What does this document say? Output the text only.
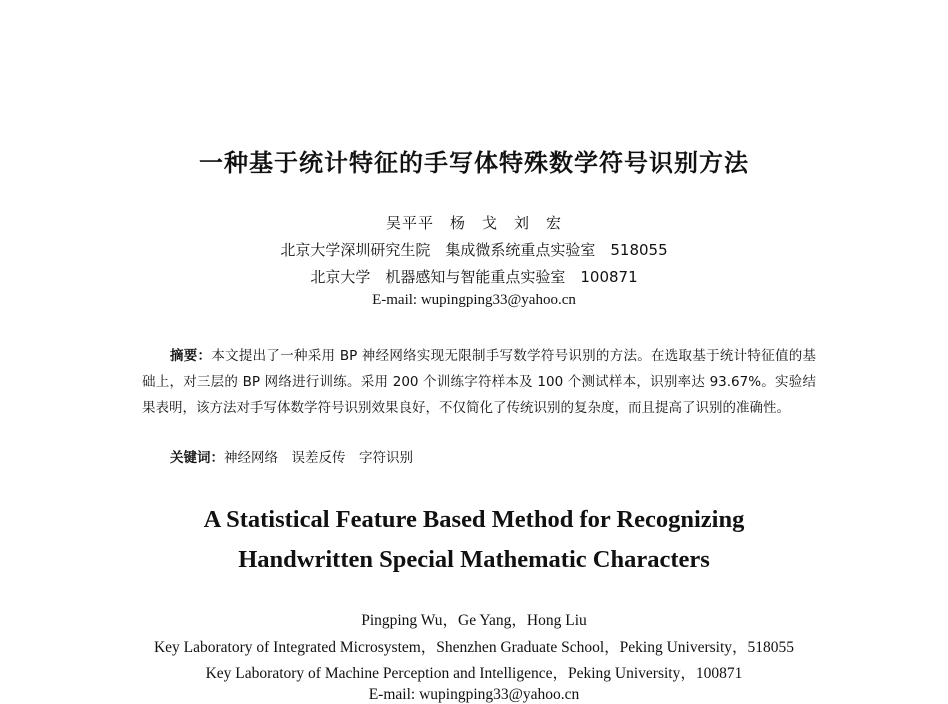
一种基于统计特征的手写体特殊数学符号识别方法
吴平平　杨　戈　刘　宏
北京大学深圳研究生院　集成微系统重点实验室　518055
北京大学　机器感知与智能重点实验室　100871
E-mail: wupingping33@yahoo.cn
摘要：本文提出了一种采用 BP 神经网络实现无限制手写数学符号识别的方法。在选取基于统计特征值的基础上，对三层的 BP 网络进行训练。采用 200 个训练字符样本及 100 个测试样本，识别率达 93.67%。实验结果表明，该方法对手写体数学符号识别效果良好，不仅简化了传统识别的复杂度，而且提高了识别的准确性。
关键词：神经网络　误差反传　字符识别
A Statistical Feature Based Method for Recognizing
Handwritten Special Mathematic Characters
Pingping Wu，Ge Yang，Hong Liu
Key Laboratory of Integrated Microsystem，Shenzhen Graduate School，Peking University，518055
Key Laboratory of Machine Perception and Intelligence，Peking University，100871
E-mail: wupingping33@yahoo.cn
